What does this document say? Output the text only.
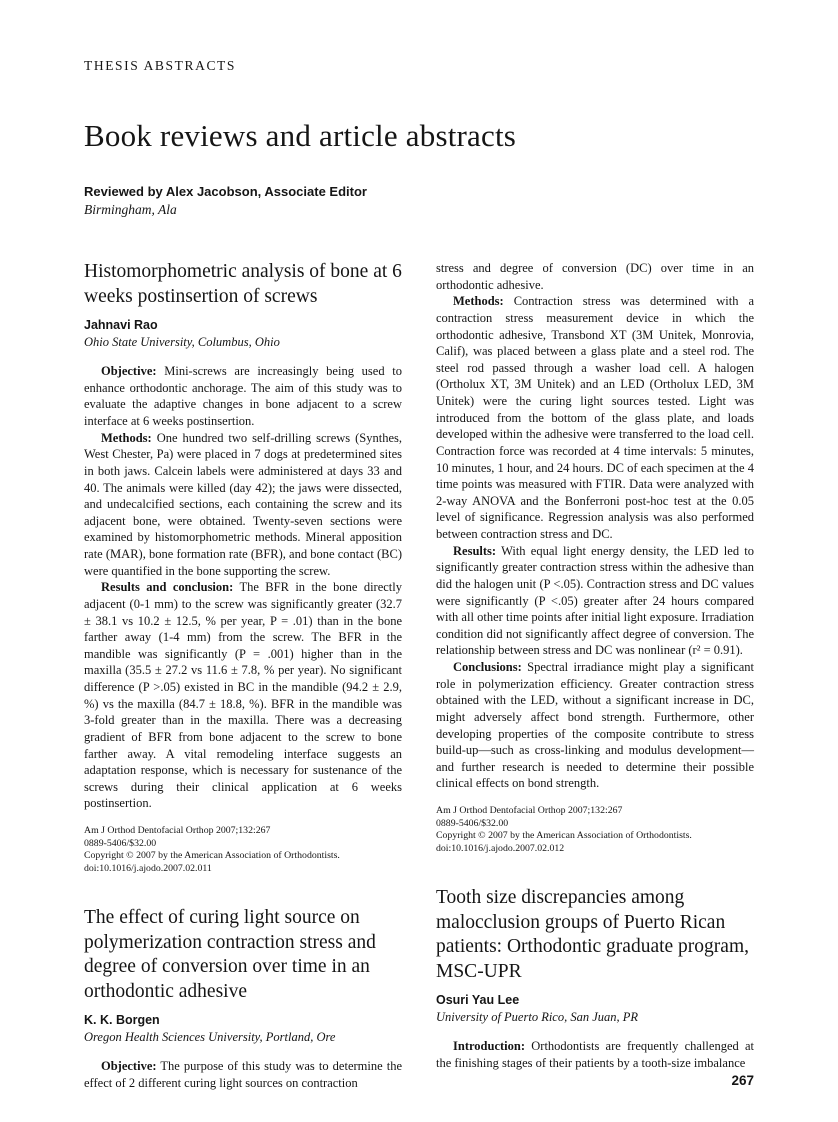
THESIS ABSTRACTS
Book reviews and article abstracts
Reviewed by Alex Jacobson, Associate Editor
Birmingham, Ala
Histomorphometric analysis of bone at 6 weeks postinsertion of screws
Jahnavi Rao
Ohio State University, Columbus, Ohio

Objective: Mini-screws are increasingly being used to enhance orthodontic anchorage. The aim of this study was to evaluate the adaptive changes in bone adjacent to a screw interface at 6 weeks postinsertion.

Methods: One hundred two self-drilling screws (Synthes, West Chester, Pa) were placed in 7 dogs at predetermined sites in both jaws. Calcein labels were administered at days 33 and 40. The animals were killed (day 42); the jaws were dissected, and undecalcified sections, each containing the screw and its adjacent bone, were obtained. Twenty-seven sections were examined by histomorphometric methods. Mineral apposition rate (MAR), bone formation rate (BFR), and bone contact (BC) were quantified in the bone supporting the screw.

Results and conclusion: The BFR in the bone directly adjacent (0-1 mm) to the screw was significantly greater (32.7 ± 38.1 vs 10.2 ± 12.5, % per year, P = .01) than in the bone farther away (1-4 mm) from the screw. The BFR in the mandible was significantly (P = .001) higher than in the maxilla (35.5 ± 27.2 vs 11.6 ± 7.8, % per year). No significant difference (P >.05) existed in BC in the mandible (94.2 ± 2.9, %) vs the maxilla (84.7 ± 18.8, %). BFR in the mandible was 3-fold greater than in the maxilla. There was a decreasing gradient of BFR from bone adjacent to the screw to bone farther away. A vital remodeling interface suggests an adaptation response, which is necessary for sustenance of the screws during their clinical application at 6 weeks postinsertion.

Am J Orthod Dentofacial Orthop 2007;132:267
0889-5406/$32.00
Copyright © 2007 by the American Association of Orthodontists.
doi:10.1016/j.ajodo.2007.02.011
The effect of curing light source on polymerization contraction stress and degree of conversion over time in an orthodontic adhesive
K. K. Borgen
Oregon Health Sciences University, Portland, Ore

Objective: The purpose of this study was to determine the effect of 2 different curing light sources on contraction

stress and degree of conversion (DC) over time in an orthodontic adhesive.

Methods: Contraction stress was determined with a contraction stress measurement device in which the orthodontic adhesive, Transbond XT (3M Unitek, Monrovia, Calif), was placed between a glass plate and a steel rod. The steel rod passed through a washer load cell. A halogen (Ortholux XT, 3M Unitek) and an LED (Ortholux LED, 3M Unitek) were the curing light sources tested. Light was introduced from the bottom of the glass plate, and loads developed within the adhesive were transferred to the load cell. Contraction force was recorded at 4 time intervals: 5 minutes, 10 minutes, 1 hour, and 24 hours. DC of each specimen at the 4 time points was measured with FTIR. Data were analyzed with 2-way ANOVA and the Bonferroni post-hoc test at the 0.05 level of significance. Regression analysis was also performed between contraction stress and DC.

Results: With equal light energy density, the LED led to significantly greater contraction stress within the adhesive than did the halogen unit (P <.05). Contraction stress and DC values were significantly (P <.05) greater after 24 hours compared with all other time points after initial light exposure. Irradiation condition did not significantly affect degree of conversion. The relationship between stress and DC was nonlinear (r² = 0.91).

Conclusions: Spectral irradiance might play a significant role in polymerization efficiency. Greater contraction stress obtained with the LED, without a significant increase in DC, might adversely affect bond strength. Furthermore, other developing properties of the composite contribute to stress build-up—such as cross-linking and modulus development—and further research is needed to determine their possible clinical effects on bond strength.

Am J Orthod Dentofacial Orthop 2007;132:267
0889-5406/$32.00
Copyright © 2007 by the American Association of Orthodontists.
doi:10.1016/j.ajodo.2007.02.012
Tooth size discrepancies among malocclusion groups of Puerto Rican patients: Orthodontic graduate program, MSC-UPR
Osuri Yau Lee
University of Puerto Rico, San Juan, PR

Introduction: Orthodontists are frequently challenged at the finishing stages of their patients by a tooth-size imbalance

267
